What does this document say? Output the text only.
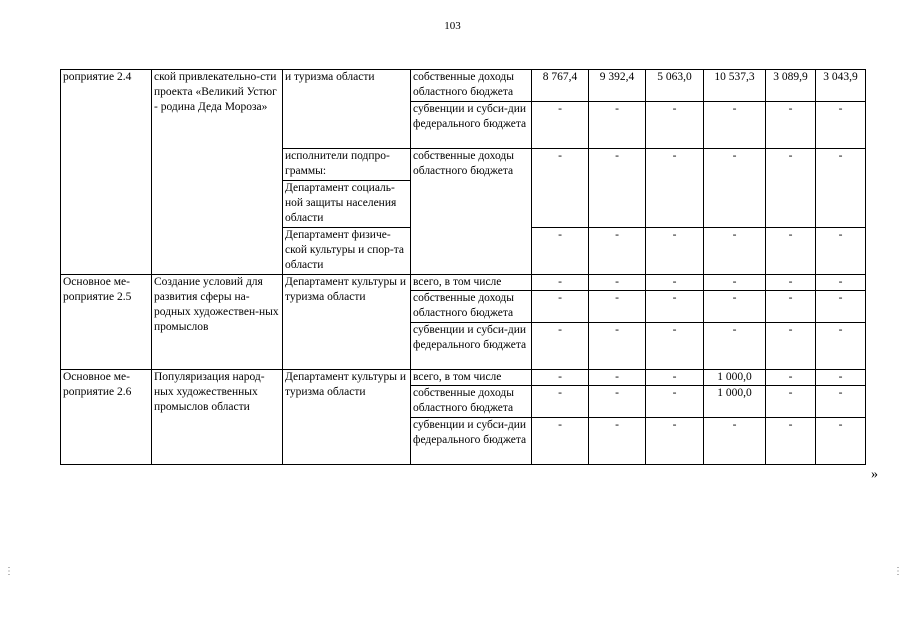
103
роприятие 2.4	ской привлекательно-сти проекта «Великий Устюг - родина Деда Мороза»	и туризма области	собственные доходы областного бюджета	8 767,4	9 392,4	5 063,0	10 537,3	3 089,9	3 043,9
			субвенции и субси-дии федерального бюджета	-	-	-	-	-	-
		исполнители подпро-граммы:	собственные доходы областного бюджета	-	-	-	-	-	-
		Департамент социаль-ной защиты населения области							
		Департамент физиче-ской культуры и спор-та области		-	-	-	-	-	-
Основное ме-роприятие 2.5	Создание условий для развития сферы на-родных художествен-ных промыслов	Департамент культуры и туризма области	всего, в том числе	-	-	-	-	-	-
			собственные доходы областного бюджета	-	-	-	-	-	-
			субвенции и субси-дии федерального бюджета	-	-	-	-	-	-
Основное ме-роприятие 2.6	Популяризация народ-ных художественных промыслов области	Департамент культуры и туризма области	всего, в том числе	-	-	-	1 000,0	-	-
			собственные доходы областного бюджета	-	-	-	1 000,0	-	-
			субвенции и субси-дии федерального бюджета	-	-	-	-	-	-
»
⋮	⋮
